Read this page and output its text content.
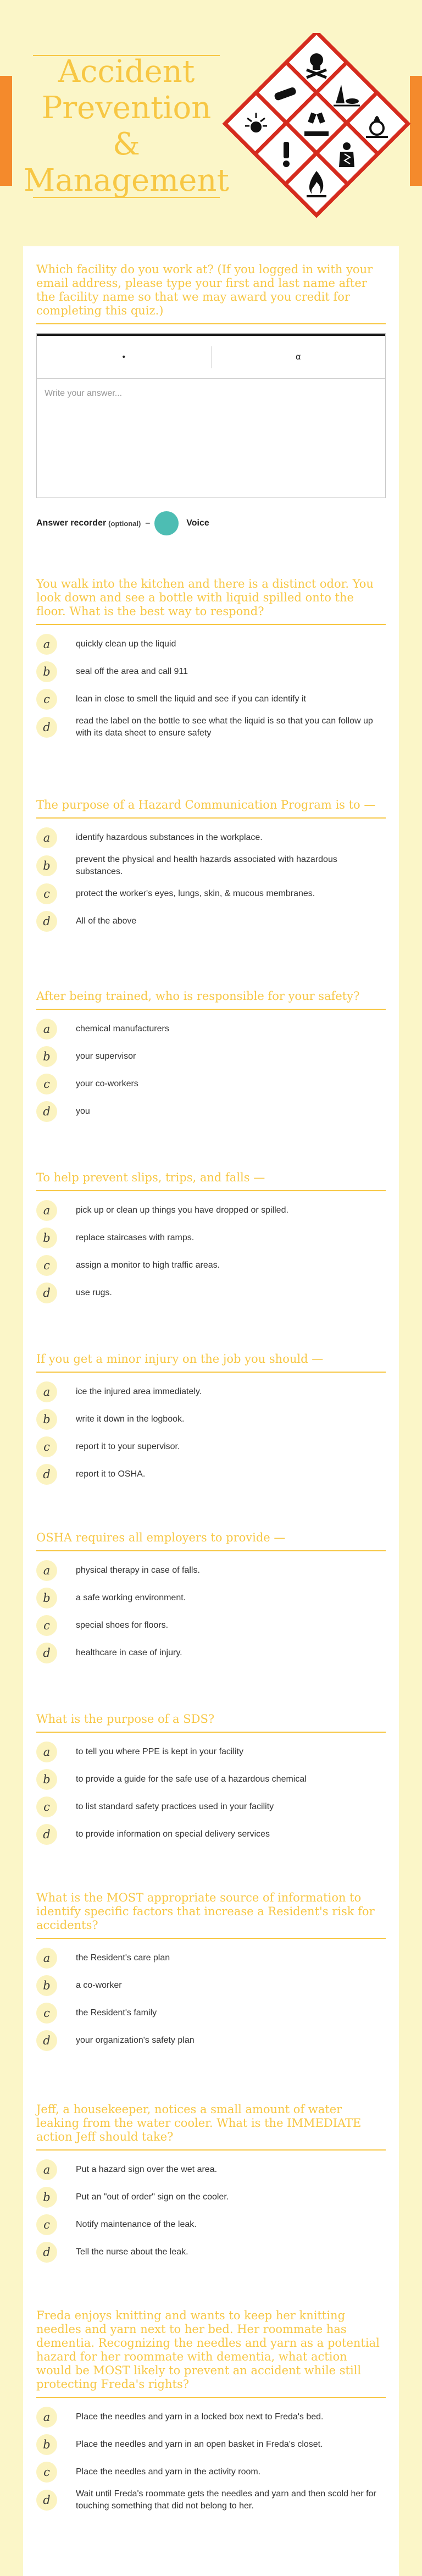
Accident Prevention & Management
Which facility do you work at? (If you logged in with your email address, please type your first and last name after the facility name so that we may award you credit for completing this quiz.)
•	α
Write your answer...
Answer recorder (optional) –	Voice
You walk into the kitchen and there is a distinct odor. You look down and see a bottle with liquid spilled onto the floor. What is the best way to respond?
a	quickly clean up the liquid
b	seal off the area and call 911
c	lean in close to smell the liquid and see if you can identify it
d	read the label on the bottle to see what the liquid is so that you can follow up with its data sheet to ensure safety
The purpose of a Hazard Communication Program is to —
a	identify hazardous substances in the workplace.
b	prevent the physical and health hazards associated with hazardous substances.
c	protect the worker's eyes, lungs, skin, & mucous membranes.
d	All of the above
After being trained, who is responsible for your safety?
a	chemical manufacturers
b	your supervisor
c	your co-workers
d	you
To help prevent slips, trips, and falls —
a	pick up or clean up things you have dropped or spilled.
b	replace staircases with ramps.
c	assign a monitor to high traffic areas.
d	use rugs.
If you get a minor injury on the job you should —
a	ice the injured area immediately.
b	write it down in the logbook.
c	report it to your supervisor.
d	report it to OSHA.
OSHA requires all employers to provide —
a	physical therapy in case of falls.
b	a safe working environment.
c	special shoes for floors.
d	healthcare in case of injury.
What is the purpose of a SDS?
a	to tell you where PPE is kept in your facility
b	to provide a guide for the safe use of a hazardous chemical
c	to list standard safety practices used in your facility
d	to provide information on special delivery services
What is the MOST appropriate source of information to identify specific factors that increase a Resident's risk for accidents?
a	the Resident's care plan
b	a co-worker
c	the Resident's family
d	your organization's safety plan
Jeff, a housekeeper, notices a small amount of water leaking from the water cooler. What is the IMMEDIATE action Jeff should take?
a	Put a hazard sign over the wet area.
b	Put an "out of order" sign on the cooler.
c	Notify maintenance of the leak.
d	Tell the nurse about the leak.
Freda enjoys knitting and wants to keep her knitting needles and yarn next to her bed. Her roommate has dementia. Recognizing the needles and yarn as a potential hazard for her roommate with dementia, what action would be MOST likely to prevent an accident while still protecting Freda's rights?
a	Place the needles and yarn in a locked box next to Freda's bed.
b	Place the needles and yarn in an open basket in Freda's closet.
c	Place the needles and yarn in the activity room.
d	Wait until Freda's roommate gets the needles and yarn and then scold her for touching something that did not belong to her.
